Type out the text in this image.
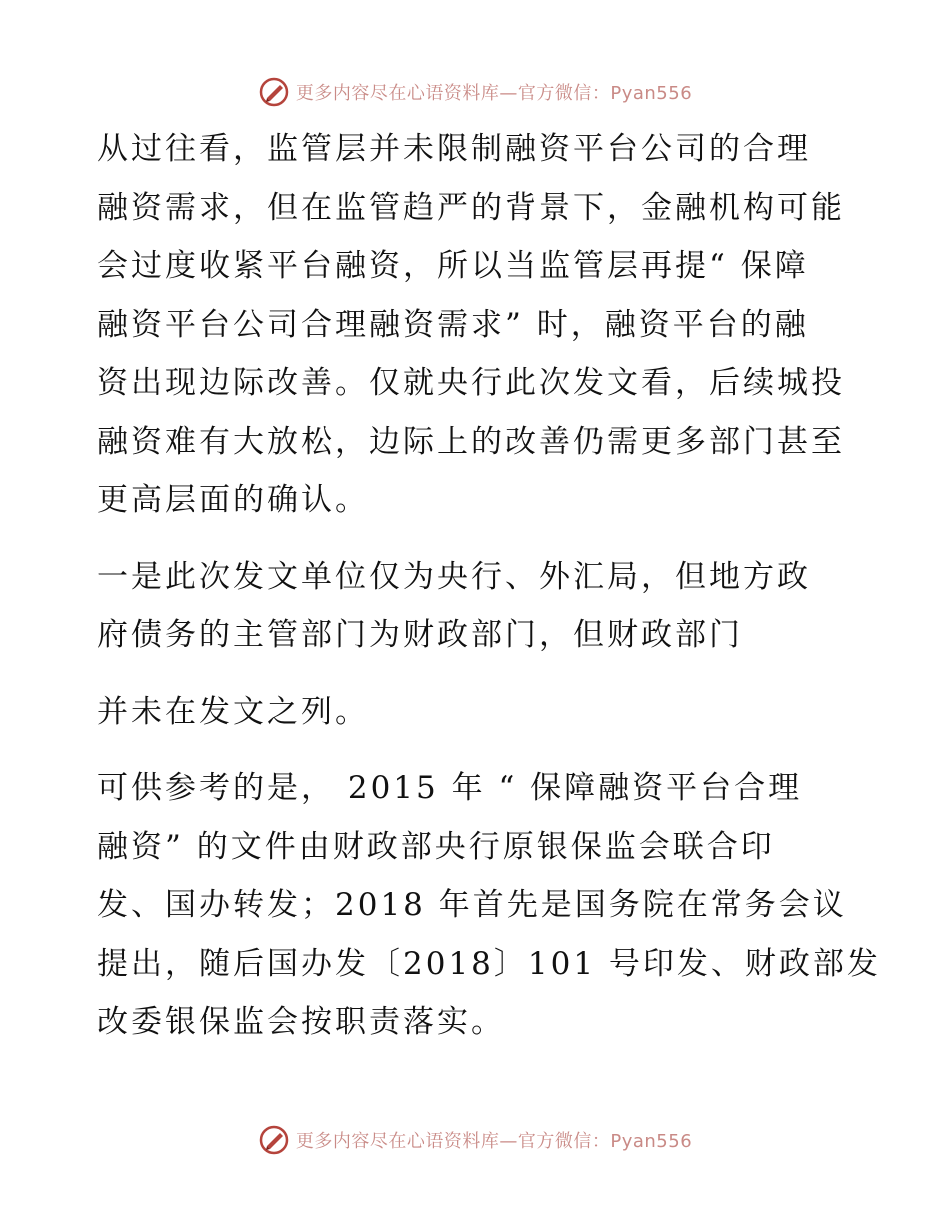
更多内容尽在心语资料库—官方微信：Pyan556
从过往看，监管层并未限制融资平台公司的合理
融资需求，但在监管趋严的背景下，金融机构可能
会过度收紧平台融资，所以当监管层再提“ 保障
融资平台公司合理融资需求” 时，融资平台的融
资出现边际改善。仅就央行此次发文看，后续城投
融资难有大放松，边际上的改善仍需更多部门甚至
更高层面的确认。
一是此次发文单位仅为央行、外汇局，但地方政
府债务的主管部门为财政部门，但财政部门
并未在发文之列。
可供参考的是， 2015 年 “ 保障融资平台合理
融资” 的文件由财政部央行原银保监会联合印
发、国办转发；2018 年首先是国务院在常务会议
提出，随后国办发〔2018〕101 号印发、财政部发
改委银保监会按职责落实。
更多内容尽在心语资料库—官方微信：Pyan556
